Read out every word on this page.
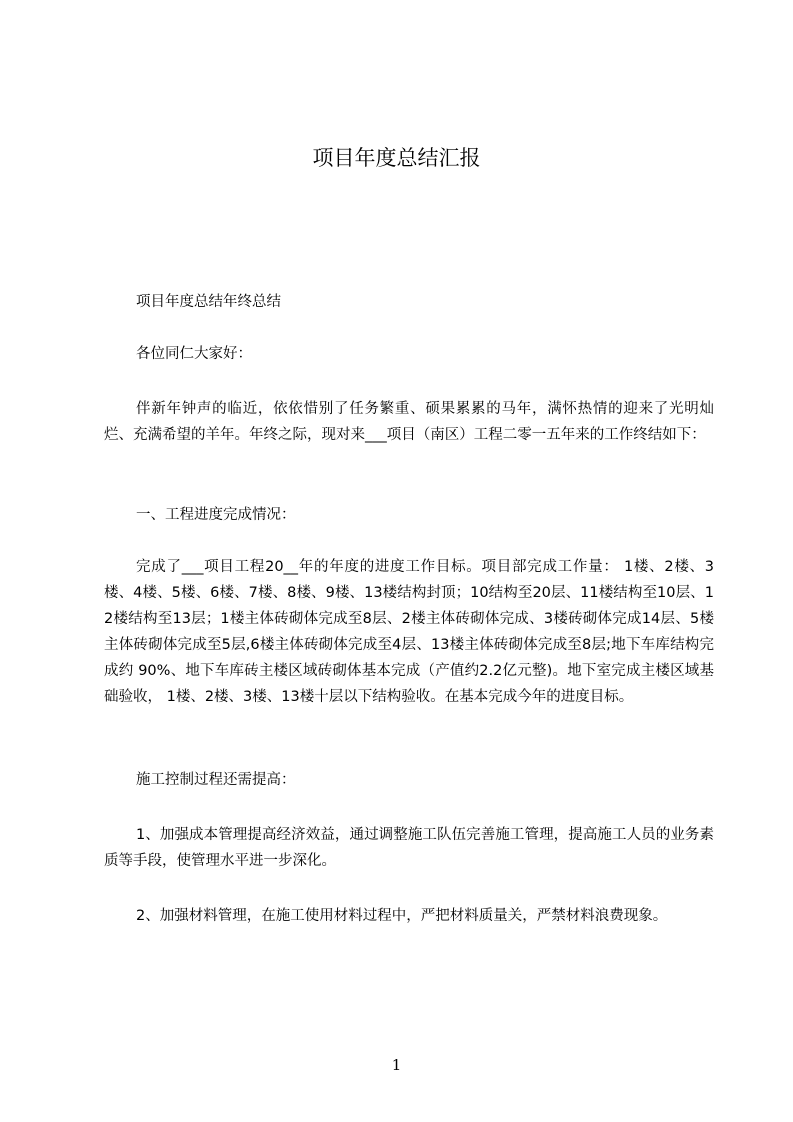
项目年度总结汇报

项目年度总结年终总结

各位同仁大家好：

伴新年钟声的临近，依依惜别了任务繁重、硕果累累的马年，满怀热情的迎来了光明灿烂、充满希望的羊年。年终之际，现对来___项目（南区）工程二零一五年来的工作终结如下：

一、工程进度完成情况：

完成了___项目工程20__年的年度的进度工作目标。项目部完成工作量： 1楼、2楼、3楼、4楼、5楼、6楼、7楼、8楼、9楼、13楼结构封顶；10结构至20层、11楼结构至10层、12楼结构至13层；1楼主体砖砌体完成至8层、2楼主体砖砌体完成、3楼砖砌体完成14层、5楼主体砖砌体完成至5层,6楼主体砖砌体完成至4层、13楼主体砖砌体完成至8层;地下车库结构完成约 90%、地下车库砖主楼区域砖砌体基本完成（产值约2.2亿元整)。地下室完成主楼区域基础验收， 1楼、2楼、3楼、13楼十层以下结构验收。在基本完成今年的进度目标。

施工控制过程还需提高：

1、加强成本管理提高经济效益，通过调整施工队伍完善施工管理，提高施工人员的业务素质等手段，使管理水平进一步深化。

2、加强材料管理，在施工使用材料过程中，严把材料质量关，严禁材料浪费现象。

1
